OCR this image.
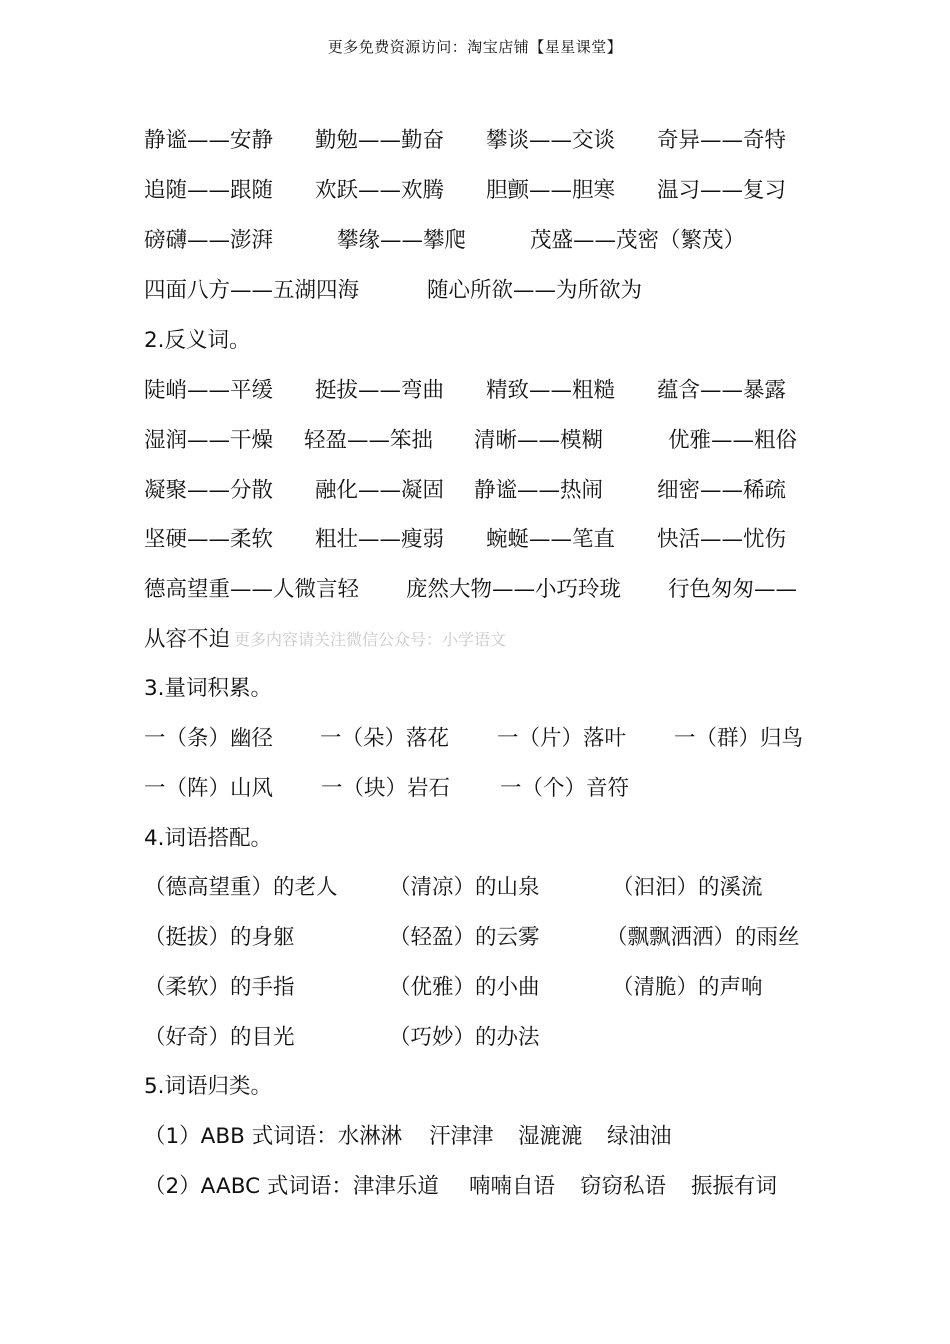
更多免费资源访问：淘宝店铺【星星课堂】
静谧——安静 勤勉——勤奋 攀谈——交谈 奇异——奇特
追随——跟随 欢跃——欢腾 胆颤——胆寒 温习——复习
磅礴——澎湃	攀缘——攀爬	茂盛——茂密（繁茂）
四面八方——五湖四海	随心所欲——为所欲为
2.反义词。
陡峭——平缓 挺拔——弯曲 精致——粗糙 蕴含——暴露
湿润——干燥 轻盈——笨拙 清晰——模糊	优雅——粗俗
凝聚——分散 融化——凝固 静谧——热闹	细密——稀疏
坚硬——柔软 粗壮——瘦弱 蜿蜒——笔直 快活——忧伤
德高望重——人微言轻 庞然大物——小巧玲珑 行色匆匆——
从容不迫 更多内容请关注微信公众号：小学语文
3.量词积累。
一（条）幽径 一（朵）落花 一（片）落叶 一（群）归鸟
一（阵）山风 一（块）岩石 一（个）音符
4.词语搭配。
（德高望重）的老人 （清凉）的山泉	（汩汩）的溪流
（挺拔）的身躯	（轻盈）的云雾	（飘飘洒洒）的雨丝
（柔软）的手指	（优雅）的小曲	（清脆）的声响
（好奇）的目光	（巧妙）的办法
5.词语归类。
（1）ABB 式词语：水淋淋 汗津津 湿漉漉 绿油油
（2）AABC 式词语：津津乐道 喃喃自语 窃窃私语 振振有词
